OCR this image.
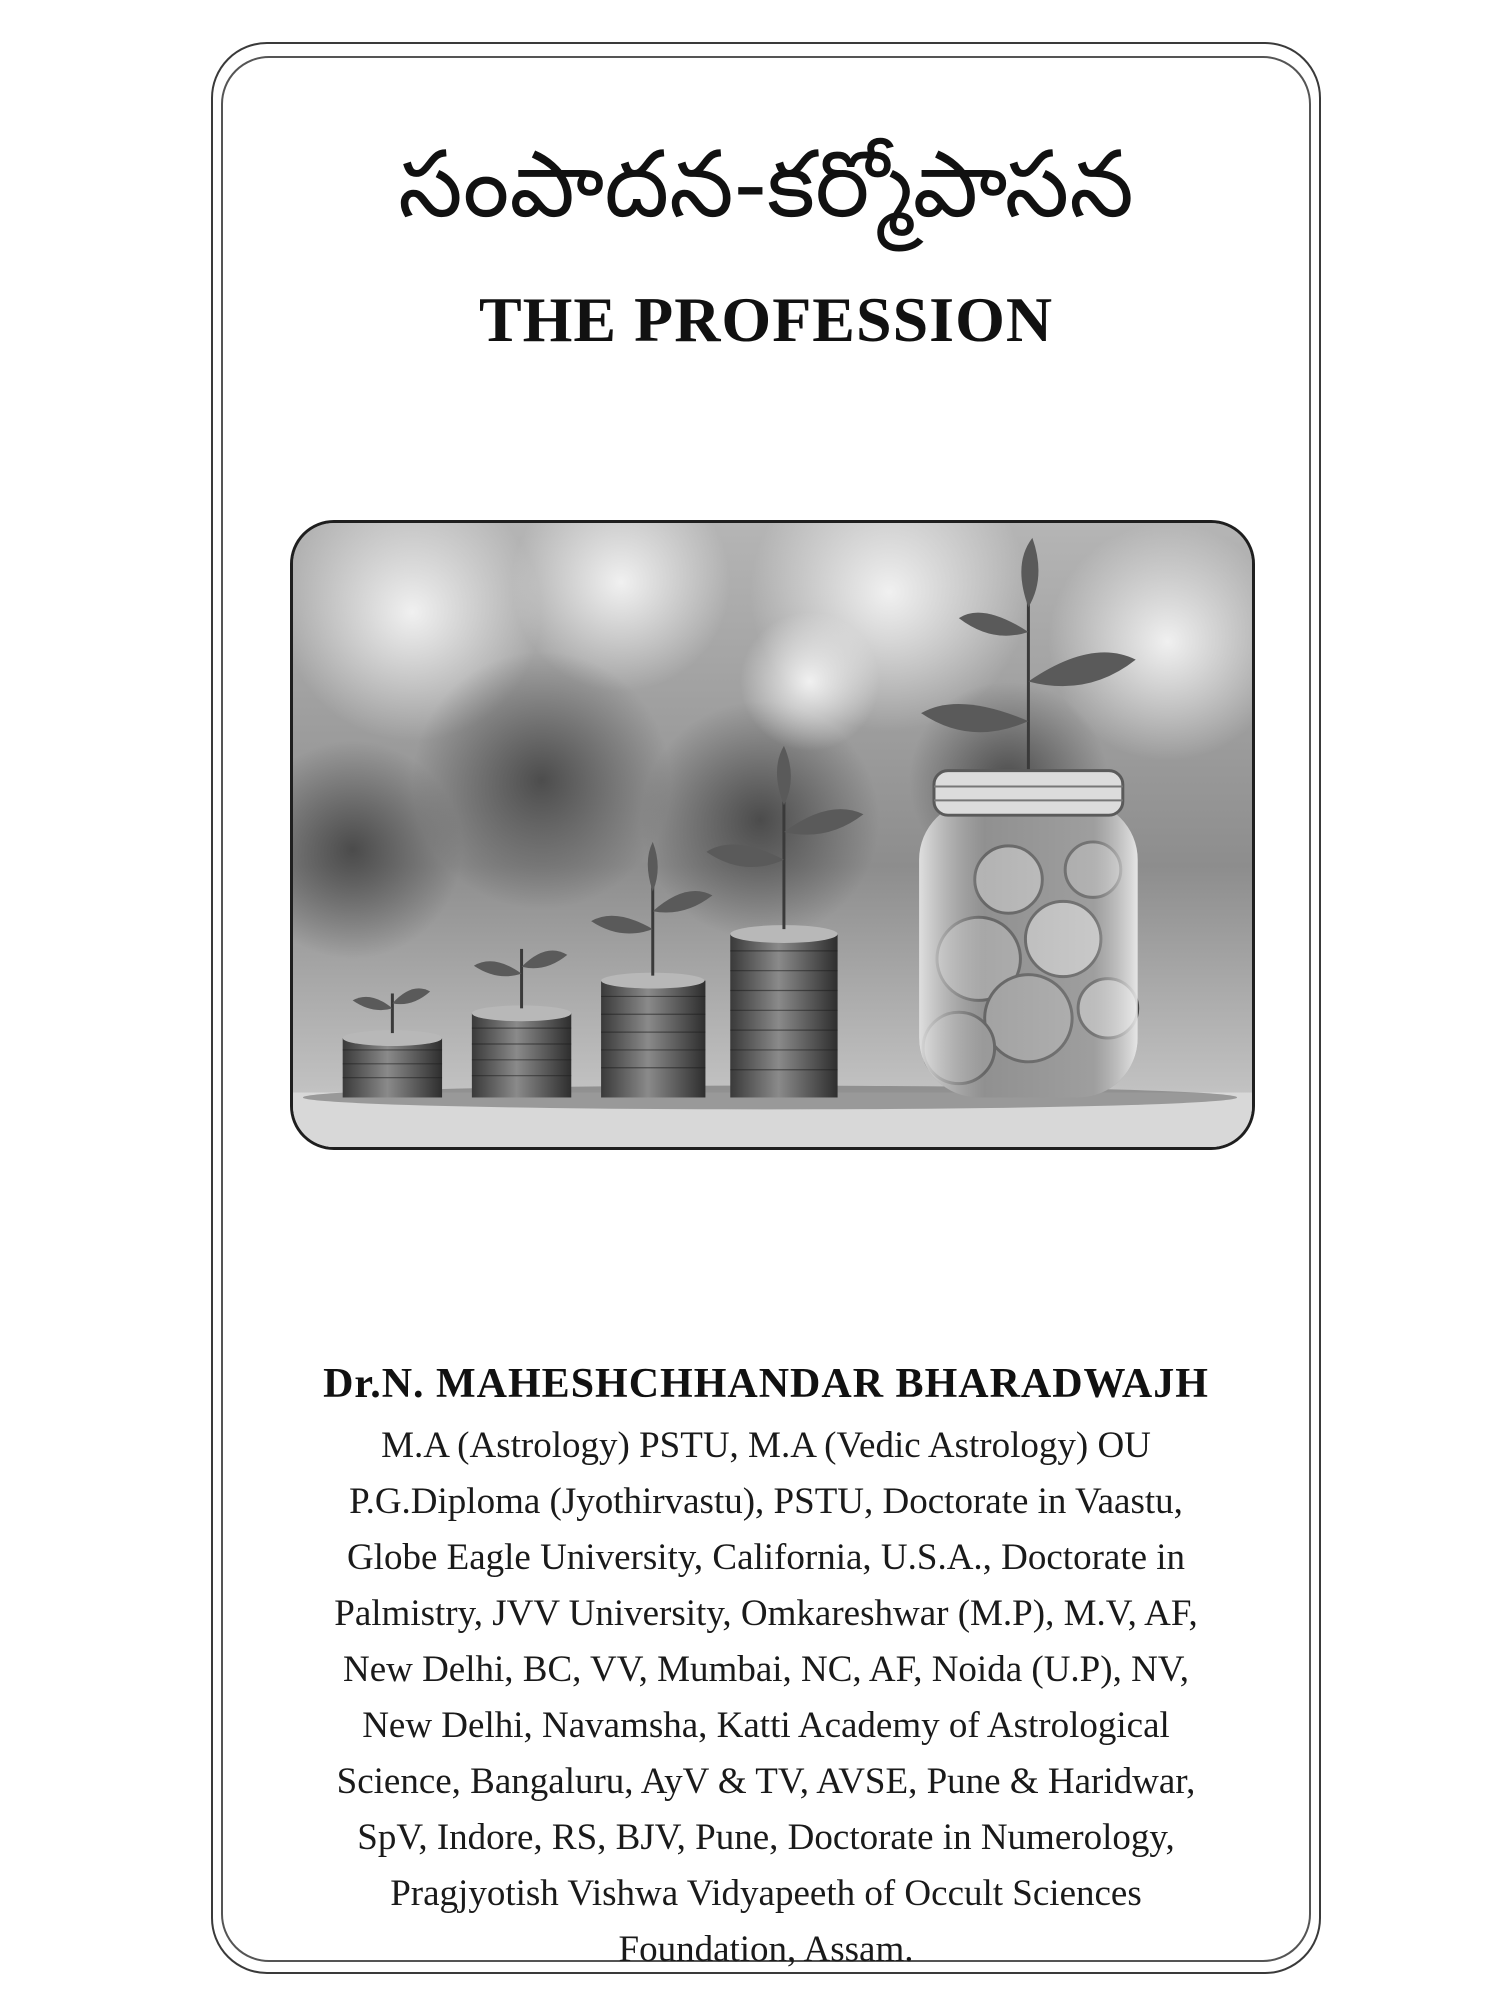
సంపాదన-కర్మోపాసన
THE PROFESSION
Dr.N. MAHESHCHHANDAR BHARADWAJH
M.A (Astrology) PSTU, M.A (Vedic Astrology) OU
P.G.Diploma (Jyothirvastu), PSTU, Doctorate in Vaastu,
Globe Eagle University, California, U.S.A., Doctorate in
Palmistry, JVV University, Omkareshwar (M.P), M.V, AF,
New Delhi, BC, VV, Mumbai, NC, AF, Noida (U.P), NV,
New Delhi, Navamsha, Katti Academy of Astrological
Science, Bangaluru, AyV & TV, AVSE, Pune & Haridwar,
SpV, Indore, RS, BJV, Pune, Doctorate in Numerology,
Pragjyotish Vishwa Vidyapeeth of Occult Sciences
Foundation, Assam.
